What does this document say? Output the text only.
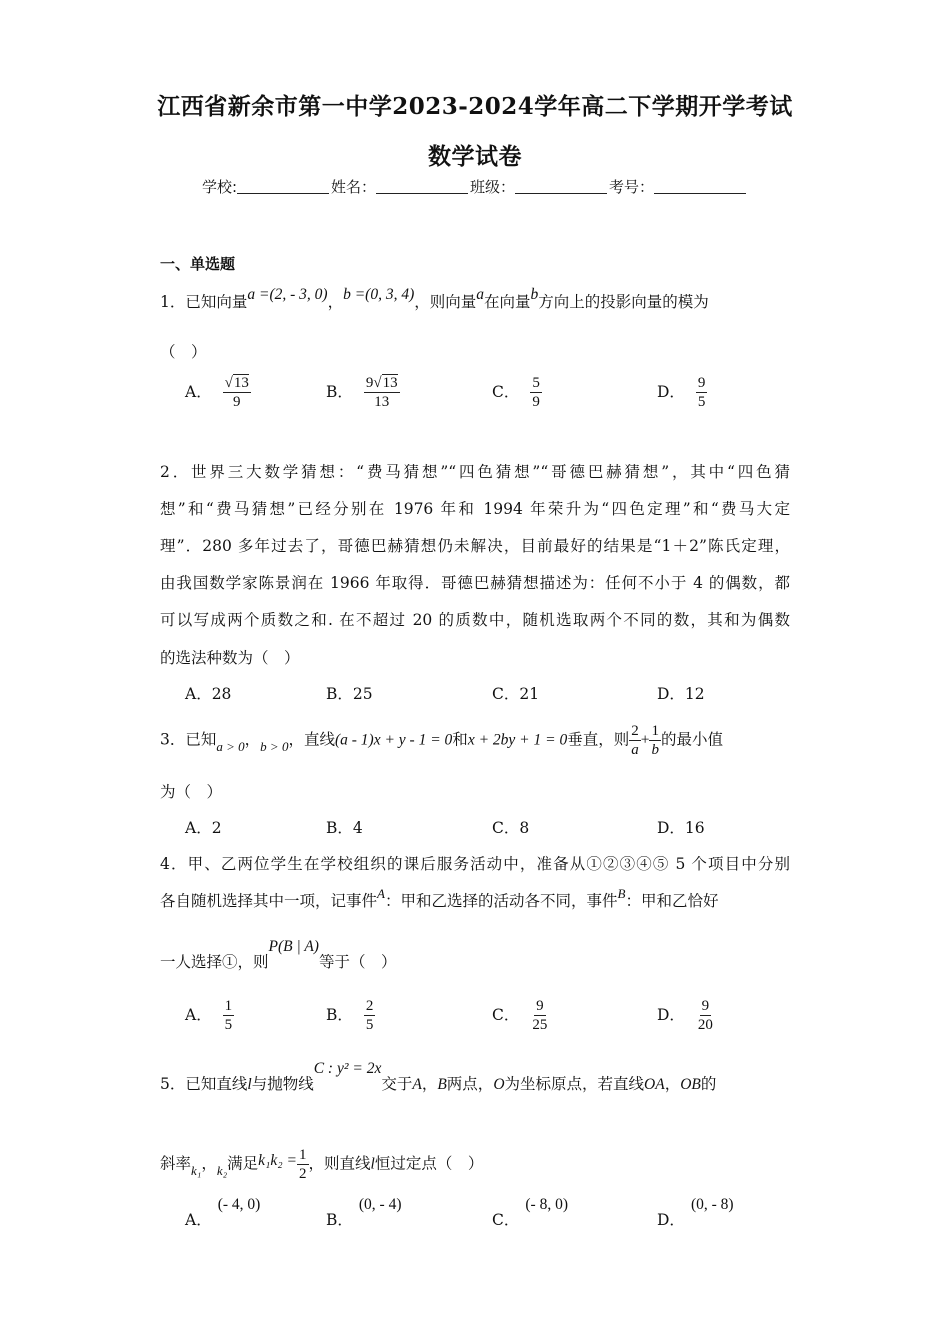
江西省新余市第一中学2023-2024学年高二下学期开学考试
数学试卷
学校:	姓名：	班级：	考号：
一、单选题
1．已知向量a =(2, - 3, 0)，b =(0, 3, 4)，则向量a在向量b方向上的投影向量的模为
（　）
A． $\frac{√13}{9}$	B． $\frac{9√13}{13}$	C． $\frac{5}{9}$	D． $\frac{9}{5}$
2．世界三大数学猜想：“费马猜想”“四色猜想”“哥德巴赫猜想”，其中“四色猜
想”和“费马猜想”已经分别在 1976 年和 1994 年荣升为“四色定理”和“费马大定
理”．280 多年过去了，哥德巴赫猜想仍未解决，目前最好的结果是“1＋2”陈氏定理，
由我国数学家陈景润在 1966 年取得．哥德巴赫猜想描述为：任何不小于 4 的偶数，都
可以写成两个质数之和. 在不超过 20 的质数中，随机选取两个不同的数，其和为偶数
的选法种数为（　）
A．28	B．25	C．21	D．12
3．已知$_{a > 0}$，$_{b > 0}$，直线(a - 1)x + y - 1 = 0和x + 2by + 1 = 0垂直，则 $\frac{2}{a} + \frac{1}{b}$ 的最小值
为（　）
A．2	B．4	C．8	D．16
4．甲、乙两位学生在学校组织的课后服务活动中，准备从①②③④⑤ 5 个项目中分别
各自随机选择其中一项，记事件$^A$：甲和乙选择的活动各不同，事件$^B$：甲和乙恰好
一人选择①，则P(B | A)等于（　）
A． $\frac{1}{5}$	B． $\frac{2}{5}$	C． $\frac{9}{25}$	D． $\frac{9}{20}$
5．已知直线l与抛物线C : y² = 2x交于A，B两点，O为坐标原点，若直线OA，OB的
斜率$_{k_1}$，$_{k_2}$满足$k_1k_2 = \frac{1}{2}$ ，则直线l恒过定点（　）
A．(- 4, 0)
B．(0, - 4)
C．(- 8, 0)
D．(0, - 8)
